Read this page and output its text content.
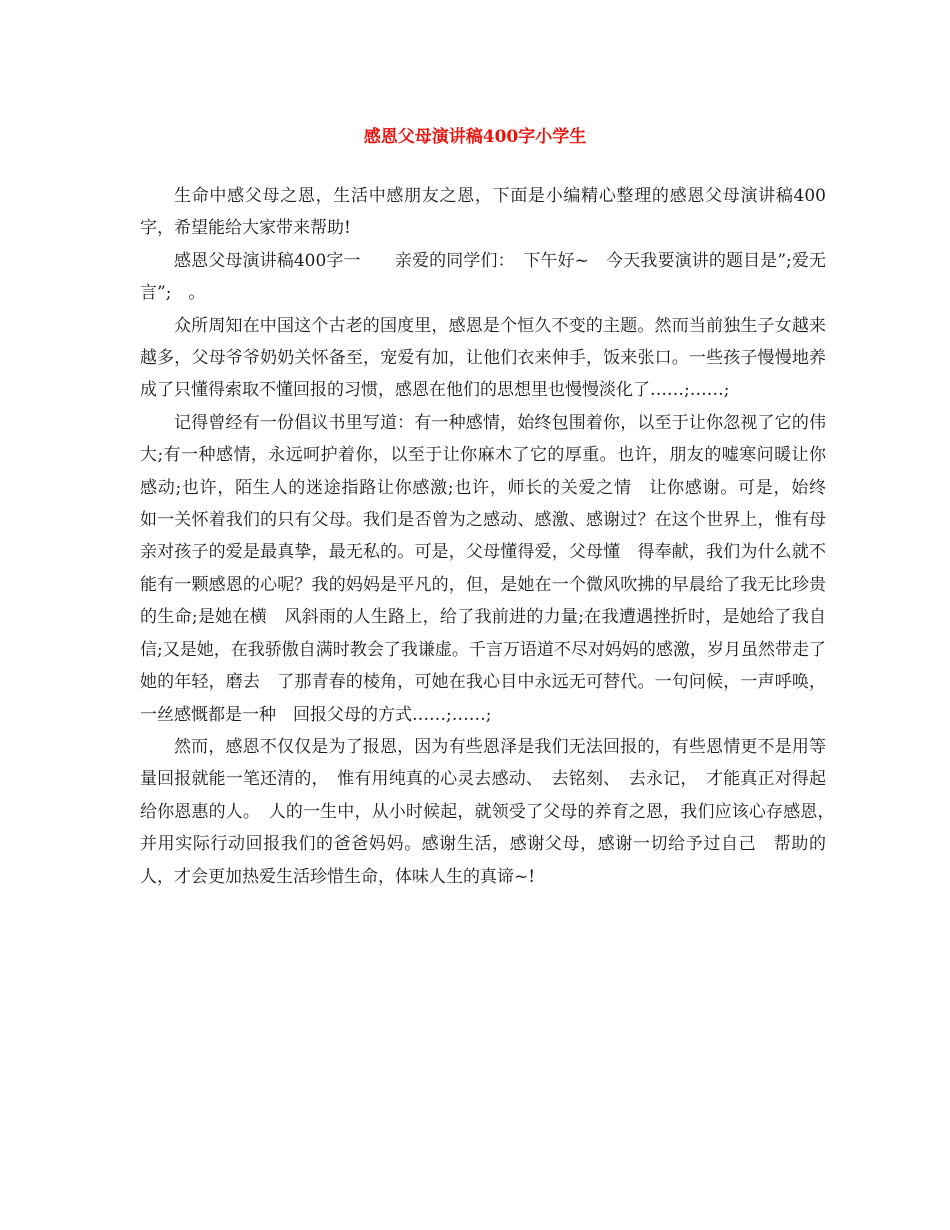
感恩父母演讲稿400字小学生

生命中感父母之恩，生活中感朋友之恩，下面是小编精心整理的感恩父母演讲稿400字，希望能给大家带来帮助!

感恩父母演讲稿400字一　　亲爱的同学们：　下午好~　今天我要演讲的题目是”;爱无言”;　。

众所周知在中国这个古老的国度里，感恩是个恒久不变的主题。然而当前独生子女越来越多，父母爷爷奶奶关怀备至，宠爱有加，让他们衣来伸手，饭来张口。一些孩子慢慢地养成了只懂得索取不懂回报的习惯，感恩在他们的思想里也慢慢淡化了……;……;

记得曾经有一份倡议书里写道：有一种感情，始终包围着你，以至于让你忽视了它的伟　大;有一种感情，永远呵护着你，以至于让你麻木了它的厚重。也许，朋友的嘘寒问暖让你　感动;也许，陌生人的迷途指路让你感激;也许，师长的关爱之情　让你感谢。可是，始终　如一关怀着我们的只有父母。我们是否曾为之感动、感激、感谢过？在这个世界上，惟有母亲对孩子的爱是最真挚，最无私的。可是，父母懂得爱，父母懂　得奉献，我们为什么就不能有一颗感恩的心呢？我的妈妈是平凡的，但，是她在一个微风吹拂的早晨给了我无比珍贵的生命;是她在横　风斜雨的人生路上，给了我前进的力量;在我遭遇挫折时，是她给了我自信;又是她，在我骄傲自满时教会了我谦虚。千言万语道不尽对妈妈的感激，岁月虽然带走了她的年轻，磨去　了那青春的棱角，可她在我心目中永远无可替代。一句问候，一声呼唤，一丝感慨都是一种　回报父母的方式……;……;

然而，感恩不仅仅是为了报恩，因为有些恩泽是我们无法回报的，有些恩情更不是用等量回报就能一笔还清的，　惟有用纯真的心灵去感动、　去铭刻、　去永记，　才能真正对得起给你恩惠的人。　人的一生中，从小时候起，就领受了父母的养育之恩，我们应该心存感恩，　并用实际行动回报我们的爸爸妈妈。感谢生活，感谢父母，感谢一切给予过自己　帮助的人，才会更加热爱生活珍惜生命，体味人生的真谛~!
